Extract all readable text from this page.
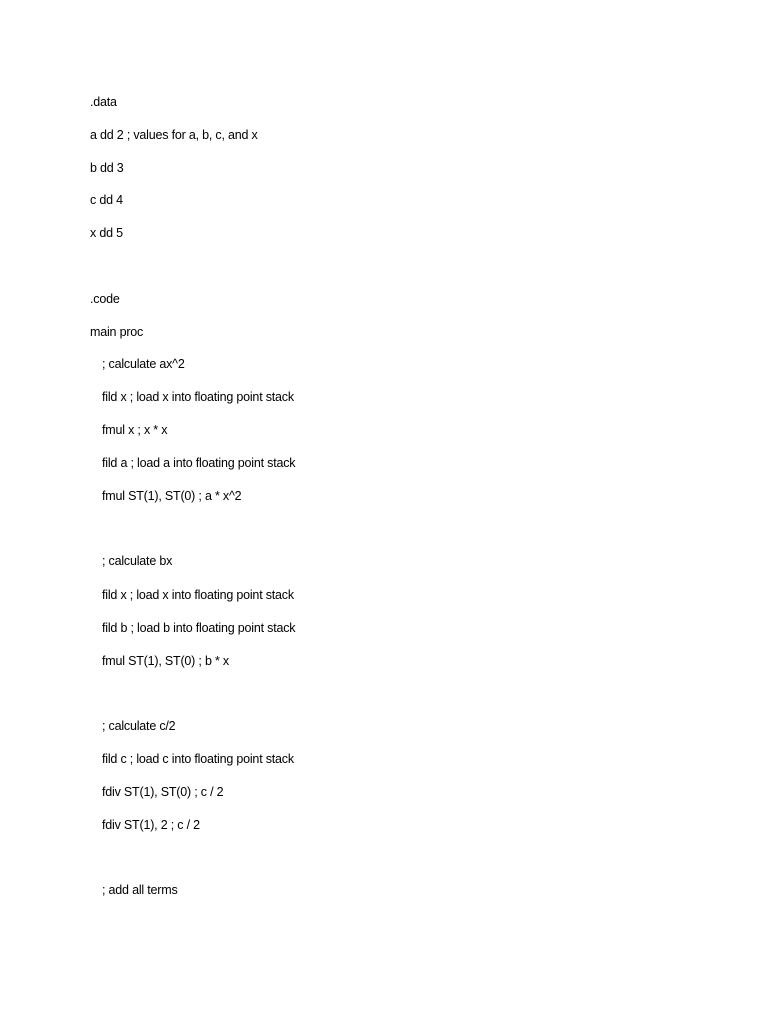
.data
a dd 2 ; values for a, b, c, and x
b dd 3
c dd 4
x dd 5
.code
main proc
; calculate ax^2
fild x ; load x into floating point stack
fmul x ; x * x
fild a ; load a into floating point stack
fmul ST(1), ST(0) ; a * x^2
; calculate bx
fild x ; load x into floating point stack
fild b ; load b into floating point stack
fmul ST(1), ST(0) ; b * x
; calculate c/2
fild c ; load c into floating point stack
fdiv ST(1), ST(0) ; c / 2
fdiv ST(1), 2 ; c / 2
; add all terms
